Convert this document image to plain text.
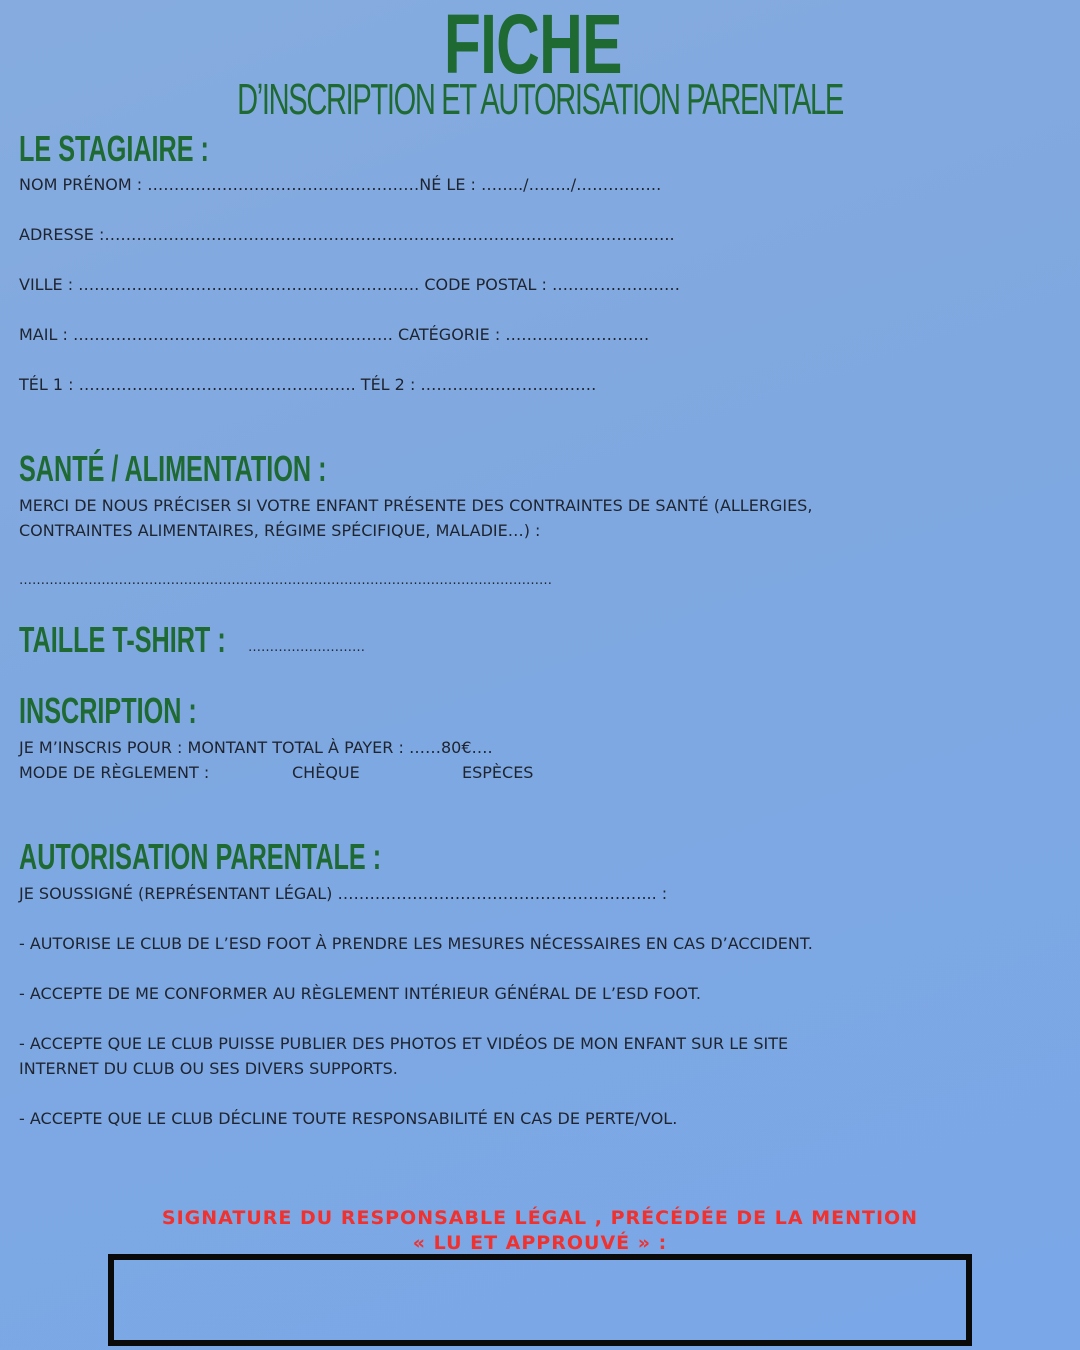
FICHE
D’INSCRIPTION ET AUTORISATION PARENTALE
LE STAGIAIRE :
NOM PRÉNOM : ……………………………………………NÉ LE : ……../……../…………….
ADRESSE :……………………………………………………………………………………………..
VILLE : ………………………………………………………. CODE POSTAL : ……………………
MAIL : …………………………………………………… CATÉGORIE : ………………………
TÉL 1 : ……………………………………………. TÉL 2 : ……………………………
SANTÉ / ALIMENTATION :
MERCI DE NOUS PRÉCISER SI VOTRE ENFANT PRÉSENTE DES CONTRAINTES DE SANTÉ (ALLERGIES,
CONTRAINTES ALIMENTAIRES, RÉGIME SPÉCIFIQUE, MALADIE…) :
……………………………………………………………………………………………………………
TAILLE T-SHIRT : ………………………
INSCRIPTION :
JE M’INSCRIS POUR : MONTANT TOTAL À PAYER : ……80€….
MODE DE RÈGLEMENT :	CHÈQUE	ESPÈCES
AUTORISATION PARENTALE :
JE SOUSSIGNÉ (REPRÉSENTANT LÉGAL) …………………………………………………... :
- AUTORISE LE CLUB DE L’ESD FOOT À PRENDRE LES MESURES NÉCESSAIRES EN CAS D’ACCIDENT.
- ACCEPTE DE ME CONFORMER AU RÈGLEMENT INTÉRIEUR GÉNÉRAL DE L’ESD FOOT.
- ACCEPTE QUE LE CLUB PUISSE PUBLIER DES PHOTOS ET VIDÉOS DE MON ENFANT SUR LE SITE
INTERNET DU CLUB OU SES DIVERS SUPPORTS.
- ACCEPTE QUE LE CLUB DÉCLINE TOUTE RESPONSABILITÉ EN CAS DE PERTE/VOL.
SIGNATURE DU RESPONSABLE LÉGAL , PRÉCÉDÉE DE LA MENTION
« LU ET APPROUVÉ » :
